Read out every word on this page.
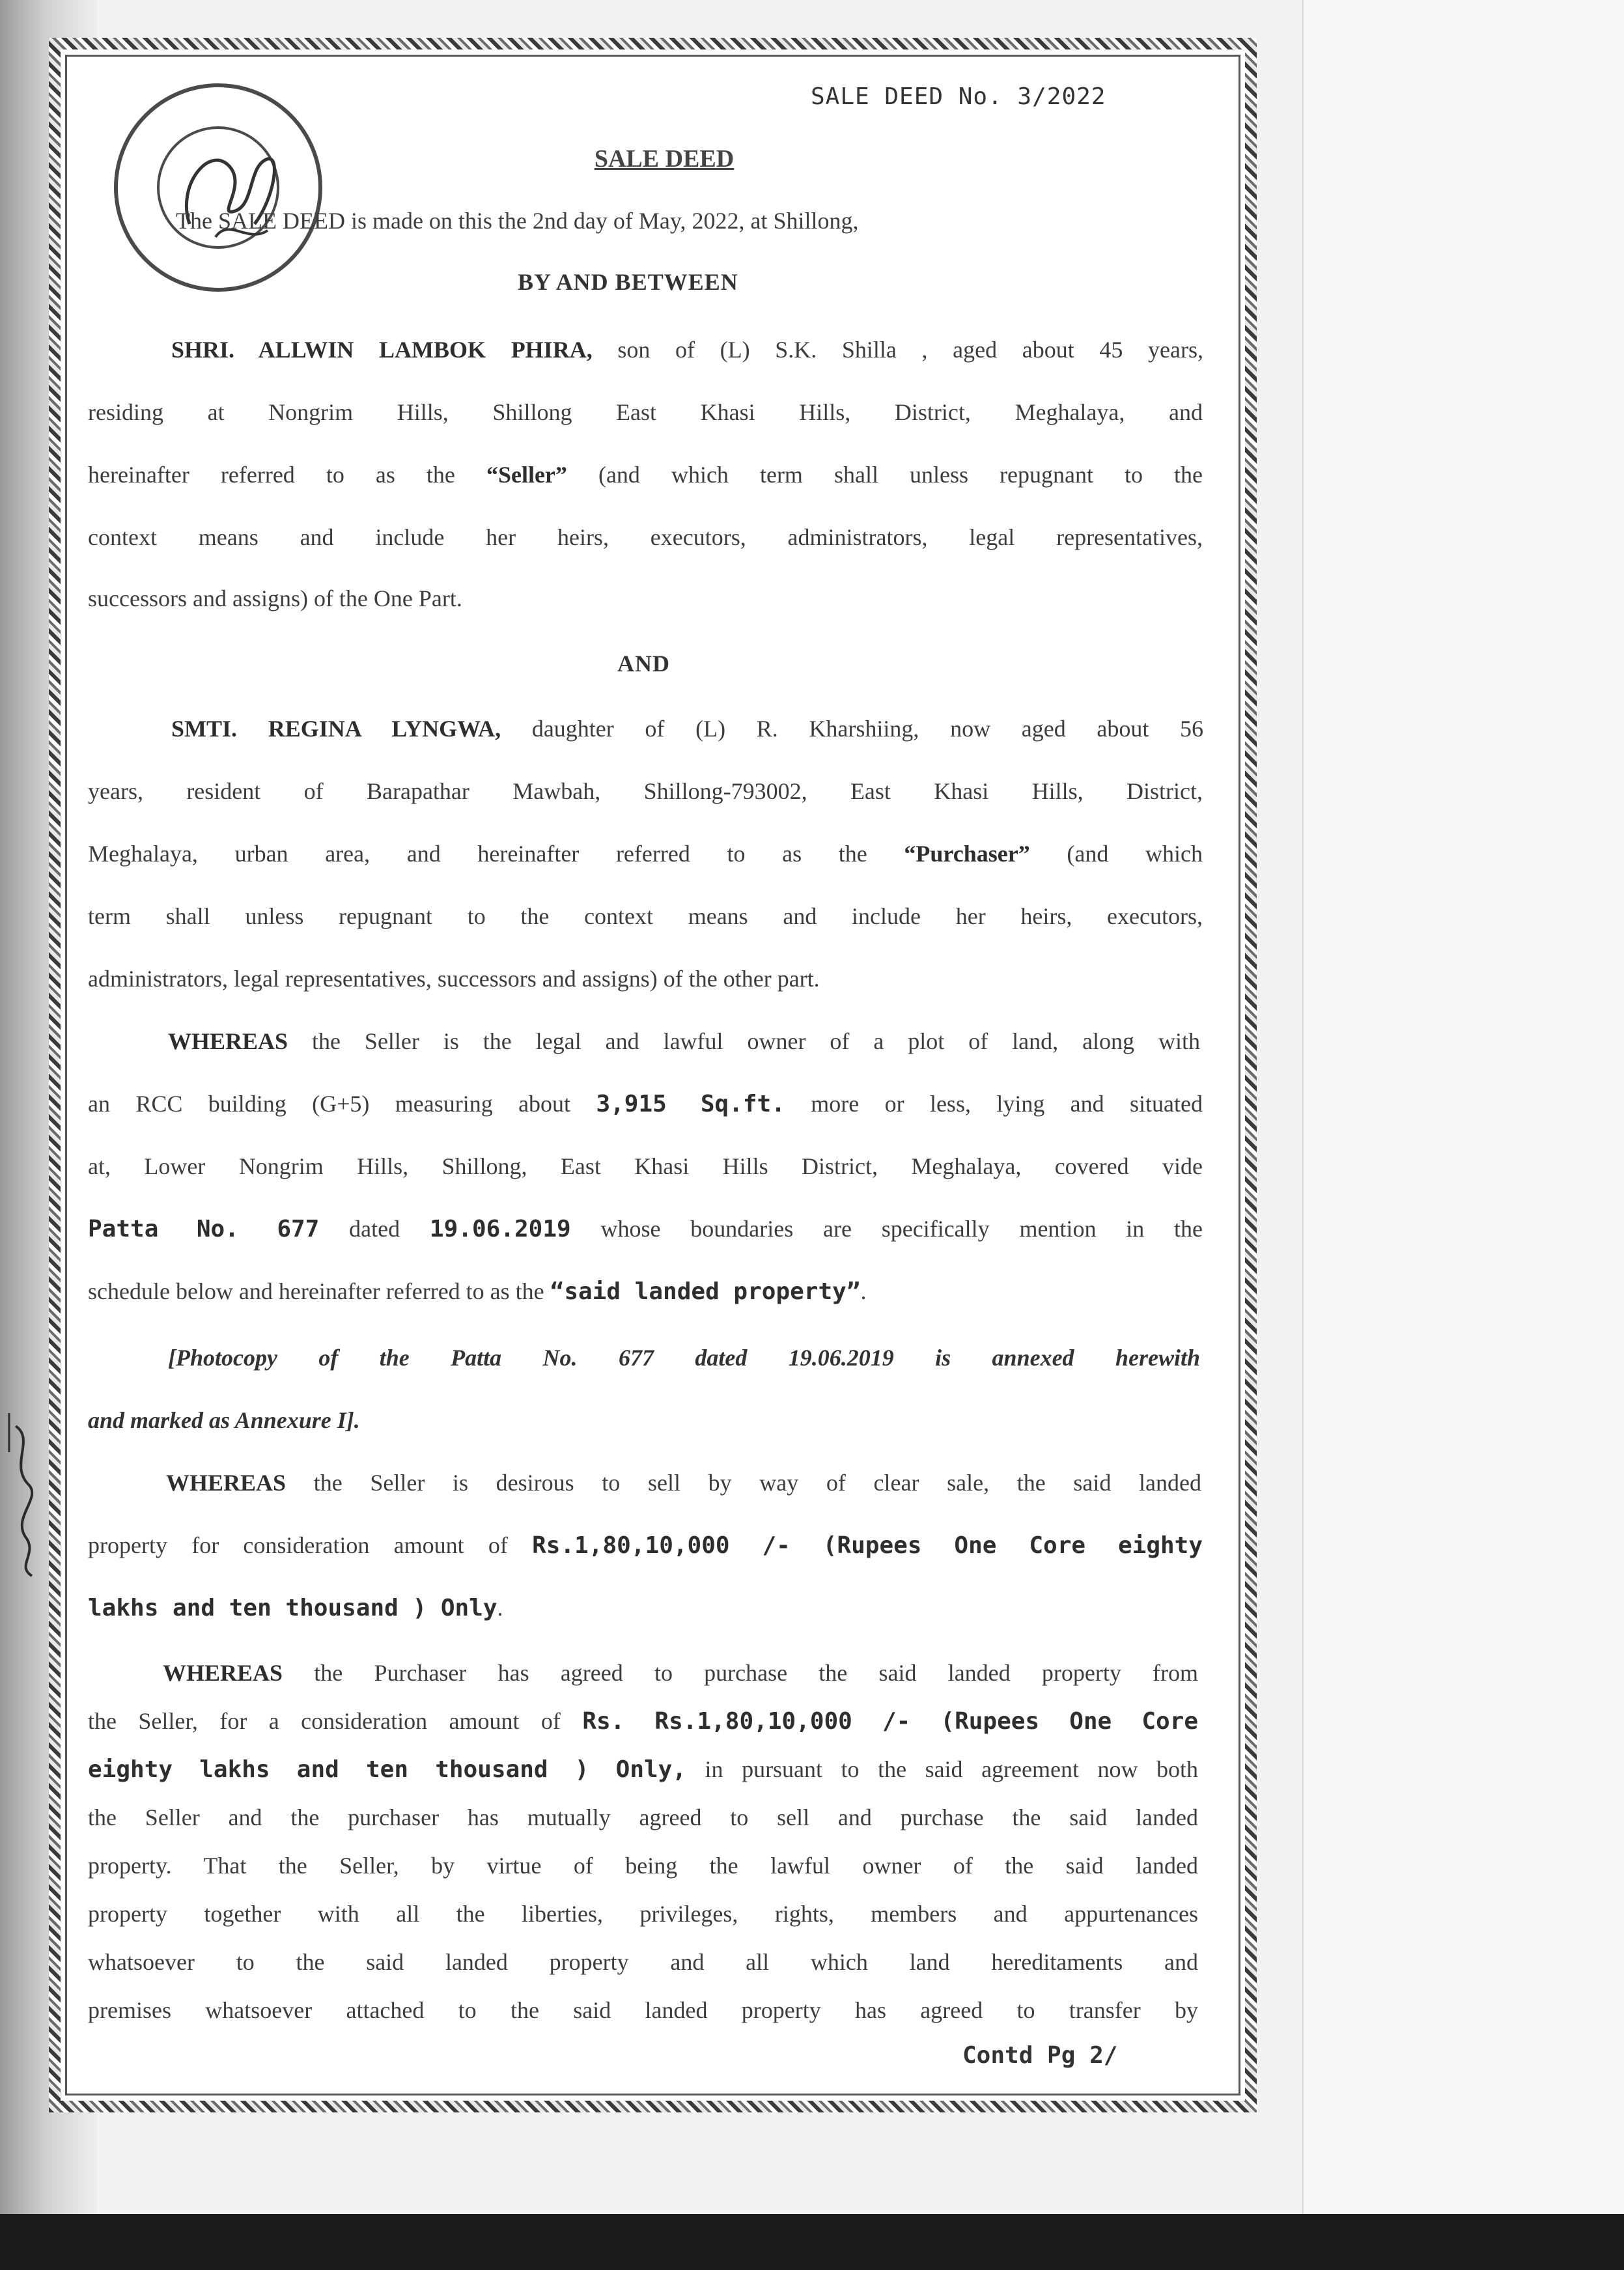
SALE DEED No. 3/2022
SALE DEED
The SALE DEED is made on this the 2nd day of May, 2022, at Shillong,
BY AND BETWEEN
SHRI. ALLWIN LAMBOK PHIRA, son of (L) S.K. Shilla , aged about 45 years,
residing at Nongrim Hills, Shillong East Khasi Hills, District, Meghalaya, and
hereinafter referred to as the “Seller” (and which term shall unless repugnant to the
context means and include her heirs, executors, administrators, legal representatives,
successors and assigns) of the One Part.
AND
SMTI. REGINA LYNGWA, daughter of (L) R. Kharshiing, now aged about 56
years, resident of Barapathar Mawbah, Shillong-793002, East Khasi Hills, District,
Meghalaya, urban area, and hereinafter referred to as the “Purchaser” (and which
term shall unless repugnant to the context means and include her heirs, executors,
administrators, legal representatives, successors and assigns) of the other part.
WHEREAS the Seller is the legal and lawful owner of a plot of land, along with
an RCC building (G+5) measuring about 3,915 Sq.ft. more or less, lying and situated
at, Lower Nongrim Hills, Shillong, East Khasi Hills District, Meghalaya, covered vide
Patta No. 677 dated 19.06.2019 whose boundaries are specifically mention in the
schedule below and hereinafter referred to as the “said landed property”.
[Photocopy of the Patta No. 677 dated 19.06.2019 is annexed herewith
and marked as Annexure I].
WHEREAS the Seller is desirous to sell by way of clear sale, the said landed
property for consideration amount of Rs.1,80,10,000 /- (Rupees One Core eighty
lakhs and ten thousand ) Only.
WHEREAS the Purchaser has agreed to purchase the said landed property from
the Seller, for a consideration amount of Rs. Rs.1,80,10,000 /- (Rupees One Core
eighty lakhs and ten thousand ) Only, in pursuant to the said agreement now both
the Seller and the purchaser has mutually agreed to sell and purchase the said landed
property. That the Seller, by virtue of being the lawful owner of the said landed
property together with all the liberties, privileges, rights, members and appurtenances
whatsoever to the said landed property and all which land hereditaments and
premises whatsoever attached to the said landed property has agreed to transfer by
Contd Pg 2/
